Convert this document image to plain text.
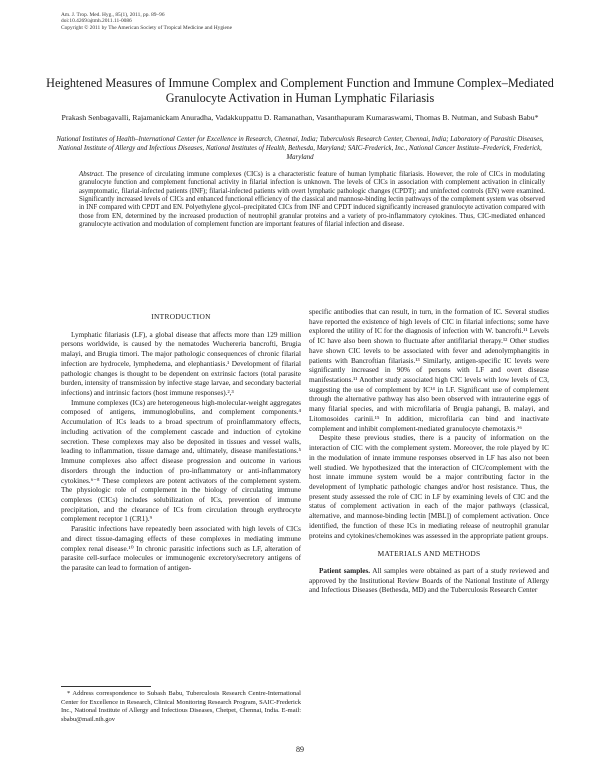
Am. J. Trop. Med. Hyg., 85(1), 2011, pp. 89–96
doi:10.4269/ajtmh.2011.11-0086
Copyright © 2011 by The American Society of Tropical Medicine and Hygiene
Heightened Measures of Immune Complex and Complement Function and Immune Complex–Mediated Granulocyte Activation in Human Lymphatic Filariasis
Prakash Senbagavalli, Rajamanickam Anuradha, Vadakkuppattu D. Ramanathan, Vasanthapuram Kumaraswami, Thomas B. Nutman, and Subash Babu*
National Institutes of Health–International Center for Excellence in Research, Chennai, India; Tuberculosis Research Center, Chennai, India; Laboratory of Parasitic Diseases, National Institute of Allergy and Infectious Diseases, National Institutes of Health, Bethesda, Maryland; SAIC-Frederick, Inc., National Cancer Institute–Frederick, Frederick, Maryland
Abstract. The presence of circulating immune complexes (CICs) is a characteristic feature of human lymphatic filariasis. However, the role of CICs in modulating granulocyte function and complement functional activity in filarial infection is unknown. The levels of CICs in association with complement activation in clinically asymptomatic, filarial-infected patients (INF); filarial-infected patients with overt lymphatic pathologic changes (CPDT); and uninfected controls (EN) were examined. Significantly increased levels of CICs and enhanced functional efficiency of the classical and mannose-binding lectin pathways of the complement system was observed in INF compared with CPDT and EN. Polyethylene glycol–precipitated CICs from INF and CPDT induced significantly increased granulocyte activation compared with those from EN, determined by the increased production of neutrophil granular proteins and a variety of pro-inflammatory cytokines. Thus, CIC-mediated enhanced granulocyte activation and modulation of complement function are important features of filarial infection and disease.
INTRODUCTION

Lymphatic filariasis (LF), a global disease that affects more than 129 million persons worldwide, is caused by the nematodes Wuchereria bancrofti, Brugia malayi, and Brugia timori. The major pathologic consequences of chronic filarial infection are hydrocele, lymphedema, and elephantiasis.¹ Development of filarial pathologic changes is thought to be dependent on extrinsic factors (total parasite burden, intensity of transmission by infective stage larvae, and secondary bacterial infections) and intrinsic factors (host immune responses).²,³

Immune complexes (ICs) are heterogeneous high-molecular-weight aggregates composed of antigens, immunoglobulins, and complement components.⁴ Accumulation of ICs leads to a broad spectrum of proinflammatory effects, including activation of the complement cascade and induction of cytokine secretion. These complexes may also be deposited in tissues and vessel walls, leading to inflammation, tissue damage and, ultimately, disease manifestations.⁵ Immune complexes also affect disease progression and outcome in various disorders through the induction of pro-inflammatory or anti-inflammatory cytokines.⁶⁻⁸ These complexes are potent activators of the complement system. The physiologic role of complement in the biology of circulating immune complexes (CICs) includes solubilization of ICs, prevention of immune precipitation, and the clearance of ICs from circulation through erythrocyte complement receptor 1 (CR1).⁹

Parasitic infections have repeatedly been associated with high levels of CICs and direct tissue-damaging effects of these complexes in mediating immune complex renal disease.¹⁰ In chronic parasitic infections such as LF, alteration of parasite cell-surface molecules or immunogenic excretory/secretory antigens of the parasite can lead to formation of antigen-

* Address correspondence to Subash Babu, Tuberculosis Research Centre-International Center for Excellence in Research, Clinical Monitoring Research Program, SAIC-Frederick Inc., National Institute of Allergy and Infectious Diseases, Chetpet, Chennai, India. E-mail: sbabu@mail.nih.gov

specific antibodies that can result, in turn, in the formation of IC. Several studies have reported the existence of high levels of CIC in filarial infections; some have explored the utility of IC for the diagnosis of infection with W. bancrofti.¹¹ Levels of IC have also been shown to fluctuate after antifilarial therapy.¹² Other studies have shown CIC levels to be associated with fever and adenolymphangitis in patients with Bancroftian filariasis.¹³ Similarly, antigen-specific IC levels were significantly increased in 90% of persons with LF and overt disease manifestations.¹¹ Another study associated high CIC levels with low levels of C3, suggesting the use of complement by IC¹⁴ in LF. Significant use of complement through the alternative pathway has also been observed with intrauterine eggs of many filarial species, and with microfilaria of Brugia pahangi, B. malayi, and Litomosoides carinii.¹⁵ In addition, microfilaria can bind and inactivate complement and inhibit complement-mediated granulocyte chemotaxis.¹⁶

Despite these previous studies, there is a paucity of information on the interaction of CIC with the complement system. Moreover, the role played by IC in the modulation of innate immune responses observed in LF has also not been well studied. We hypothesized that the interaction of CIC/complement with the host innate immune system would be a major contributing factor in the development of lymphatic pathologic changes and/or host resistance. Thus, the present study assessed the role of CIC in LF by examining levels of CIC and the status of complement activation in each of the major pathways (classical, alternative, and mannose-binding lectin [MBL]) of complement activation. Once identified, the function of these ICs in mediating release of neutrophil granular proteins and cytokines/chemokines was assessed in the appropriate patient groups.

MATERIALS AND METHODS

Patient samples. All samples were obtained as part of a study reviewed and approved by the Institutional Review Boards of the National Institute of Allergy and Infectious Diseases (Bethesda, MD) and the Tuberculosis Research Center

89
